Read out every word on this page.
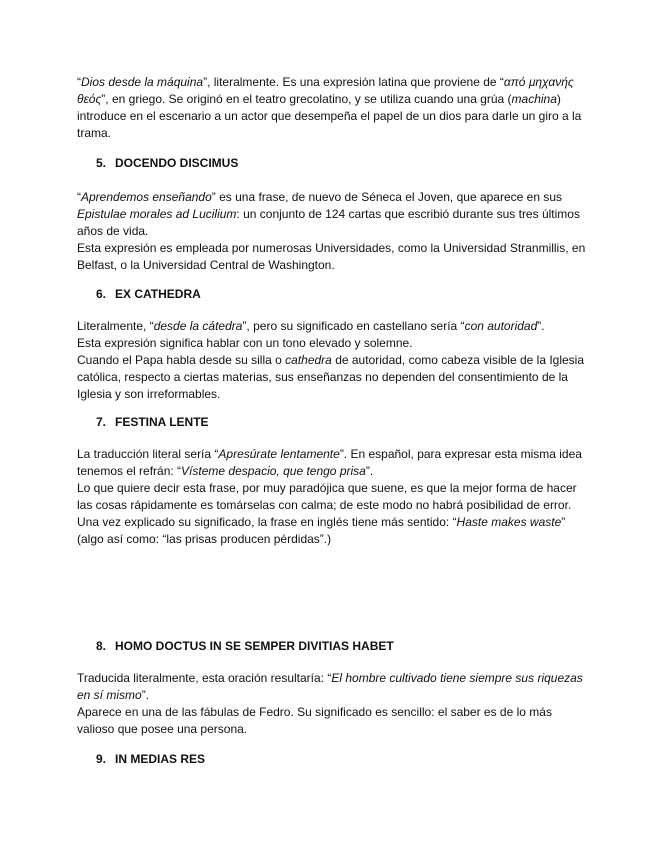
“Dios desde la máquina”, literalmente. Es una expresión latina que proviene de “από μηχανής
θεός”, en griego. Se originó en el teatro grecolatino, y se utiliza cuando una grúa (machina)
introduce en el escenario a un actor que desempeña el papel de un dios para darle un giro a la
trama.

5. DOCENDO DISCIMUS

“Aprendemos enseñando” es una frase, de nuevo de Séneca el Joven, que aparece en sus
Epistulae morales ad Lucilium: un conjunto de 124 cartas que escribió durante sus tres últimos
años de vida.
Esta expresión es empleada por numerosas Universidades, como la Universidad Stranmillis, en
Belfast, o la Universidad Central de Washington.

6. EX CATHEDRA

Literalmente, “desde la cátedra”, pero su significado en castellano sería “con autoridad”.
Esta expresión significa hablar con un tono elevado y solemne.
Cuando el Papa habla desde su silla o cathedra de autoridad, como cabeza visible de la Iglesia
católica, respecto a ciertas materias, sus enseñanzas no dependen del consentimiento de la
Iglesia y son irreformables.

7. FESTINA LENTE

La traducción literal sería “Apresúrate lentamente”. En español, para expresar esta misma idea
tenemos el refrán: “Vísteme despacio, que tengo prisa”.
Lo que quiere decir esta frase, por muy paradójica que suene, es que la mejor forma de hacer
las cosas rápidamente es tomárselas con calma; de este modo no habrá posibilidad de error.
Una vez explicado su significado, la frase en inglés tiene más sentido: “Haste makes waste”
(algo así como: “las prisas producen pérdidas”.)

8. HOMO DOCTUS IN SE SEMPER DIVITIAS HABET

Traducida literalmente, esta oración resultaría: “El hombre cultivado tiene siempre sus riquezas
en sí mismo”.
Aparece en una de las fábulas de Fedro. Su significado es sencillo: el saber es de lo más
valioso que posee una persona.

9. IN MEDIAS RES
